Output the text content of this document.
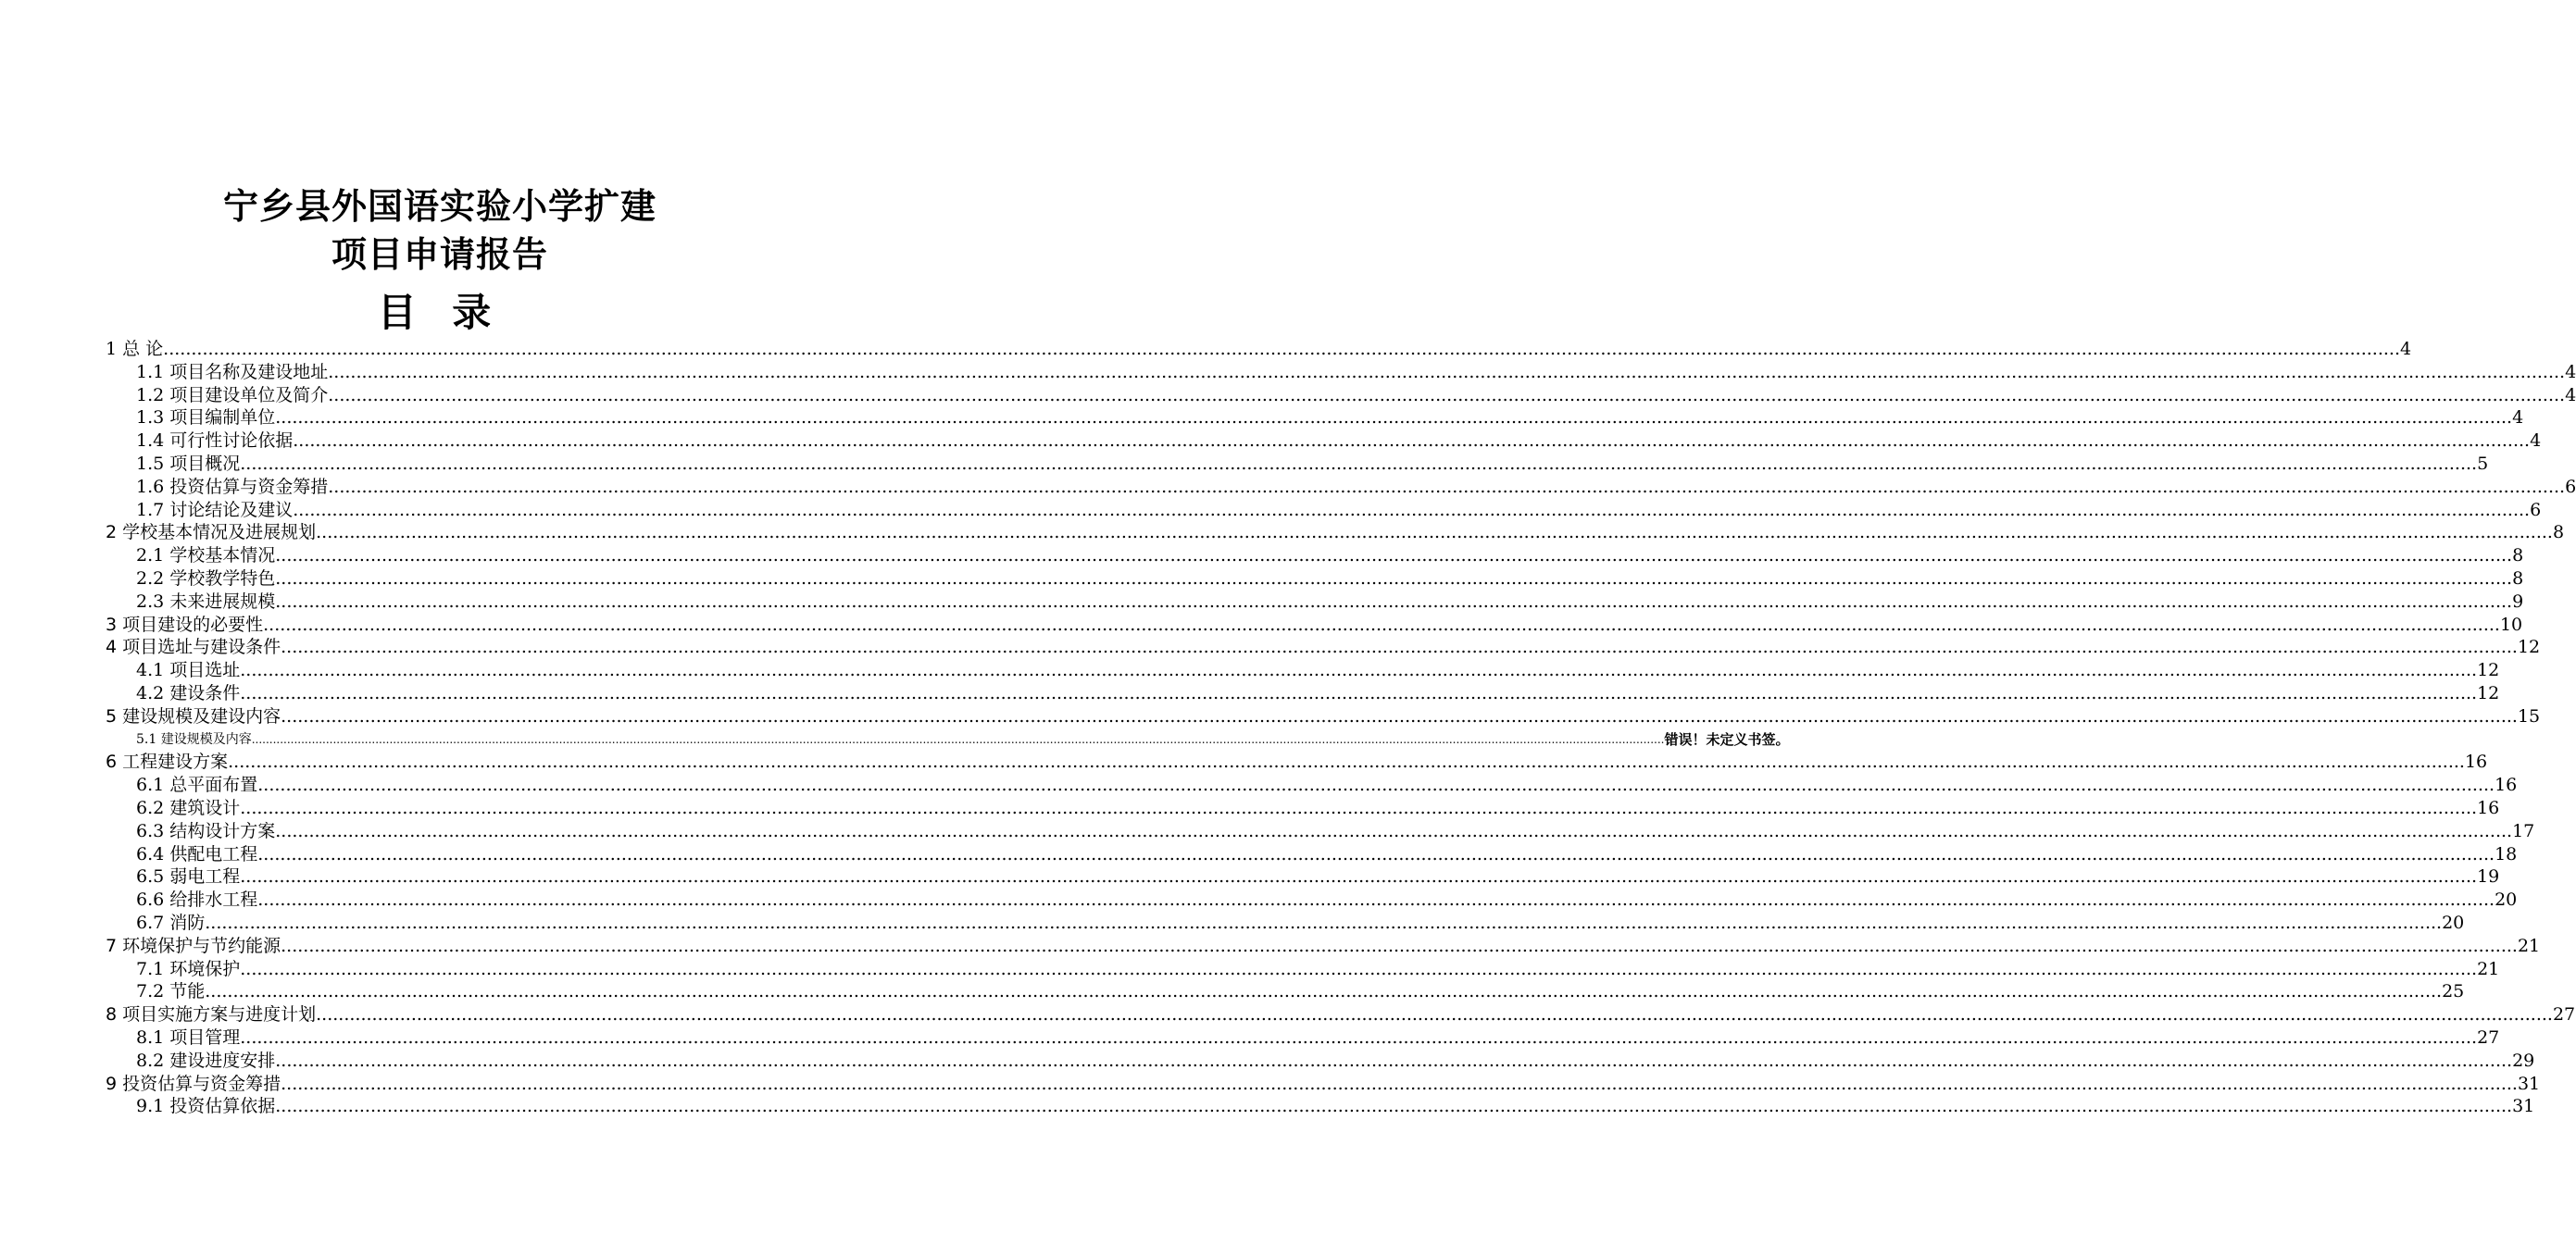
宁乡县外国语实验小学扩建
项目申请报告
目 录
1 总 论 ................................................................................................................................................................................................................................................................................................................................................................................................................ 4
1.1 项目名称及建设地址 ................................................................................................................................................................................................................................................................................................................................................................................................................ 4
1.2 项目建设单位及简介 ................................................................................................................................................................................................................................................................................................................................................................................................................ 4
1.3 项目编制单位 ................................................................................................................................................................................................................................................................................................................................................................................................................ 4
1.4 可行性讨论依据 ................................................................................................................................................................................................................................................................................................................................................................................................................ 4
1.5 项目概况 ................................................................................................................................................................................................................................................................................................................................................................................................................ 5
1.6 投资估算与资金筹措 ................................................................................................................................................................................................................................................................................................................................................................................................................ 6
1.7 讨论结论及建议 ................................................................................................................................................................................................................................................................................................................................................................................................................ 6
2 学校基本情况及进展规划 ................................................................................................................................................................................................................................................................................................................................................................................................................ 8
2.1 学校基本情况 ................................................................................................................................................................................................................................................................................................................................................................................................................ 8
2.2 学校教学特色 ................................................................................................................................................................................................................................................................................................................................................................................................................ 8
2.3 未来进展规模 ................................................................................................................................................................................................................................................................................................................................................................................................................ 9
3 项目建设的必要性 ................................................................................................................................................................................................................................................................................................................................................................................................................ 10
4 项目选址与建设条件 ................................................................................................................................................................................................................................................................................................................................................................................................................ 12
4.1 项目选址 ................................................................................................................................................................................................................................................................................................................................................................................................................ 12
4.2 建设条件 ................................................................................................................................................................................................................................................................................................................................................................................................................ 12
5 建设规模及建设内容 ................................................................................................................................................................................................................................................................................................................................................................................................................ 15
5.1 建设规模及内容 ................................................................................................................................................................................................................................................................................................................................................................................................................ 错误！未定义书签。
6 工程建设方案 ................................................................................................................................................................................................................................................................................................................................................................................................................ 16
6.1 总平面布置 ................................................................................................................................................................................................................................................................................................................................................................................................................ 16
6.2 建筑设计 ................................................................................................................................................................................................................................................................................................................................................................................................................ 16
6.3 结构设计方案 ................................................................................................................................................................................................................................................................................................................................................................................................................ 17
6.4 供配电工程 ................................................................................................................................................................................................................................................................................................................................................................................................................ 18
6.5 弱电工程 ................................................................................................................................................................................................................................................................................................................................................................................................................ 19
6.6 给排水工程 ................................................................................................................................................................................................................................................................................................................................................................................................................ 20
6.7 消防 ................................................................................................................................................................................................................................................................................................................................................................................................................ 20
7 环境保护与节约能源 ................................................................................................................................................................................................................................................................................................................................................................................................................ 21
7.1 环境保护 ................................................................................................................................................................................................................................................................................................................................................................................................................ 21
7.2 节能 ................................................................................................................................................................................................................................................................................................................................................................................................................ 25
8 项目实施方案与进度计划 ................................................................................................................................................................................................................................................................................................................................................................................................................ 27
8.1 项目管理 ................................................................................................................................................................................................................................................................................................................................................................................................................ 27
8.2 建设进度安排 ................................................................................................................................................................................................................................................................................................................................................................................................................ 29
9 投资估算与资金筹措 ................................................................................................................................................................................................................................................................................................................................................................................................................ 31
9.1 投资估算依据 ................................................................................................................................................................................................................................................................................................................................................................................................................ 31
